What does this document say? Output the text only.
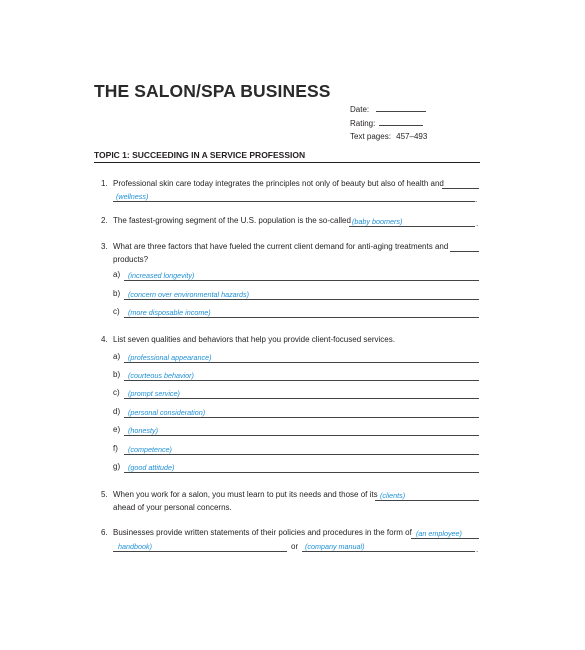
THE SALON/SPA BUSINESS
Date:
Rating:
Text pages: 457–493
TOPIC 1: SUCCEEDING IN A SERVICE PROFESSION
1. Professional skin care today integrates the principles not only of beauty but also of health and
(wellness)	.
2. The fastest-growing segment of the U.S. population is the so-called (baby boomers)	.
3. What are three factors that have fueled the current client demand for anti-aging treatments and
products?
a) (increased longevity)
b) (concern over environmental hazards)
c) (more disposable income)
4. List seven qualities and behaviors that help you provide client-focused services.
a) (professional appearance)
b) (courteous behavior)
c) (prompt service)
d) (personal consideration)
e) (honesty)
f) (competence)
g) (good attitude)
5. When you work for a salon, you must learn to put its needs and those of its (clients)
ahead of your personal concerns.
6. Businesses provide written statements of their policies and procedures in the form of (an employee)
handbook)	or (company manual)	.
